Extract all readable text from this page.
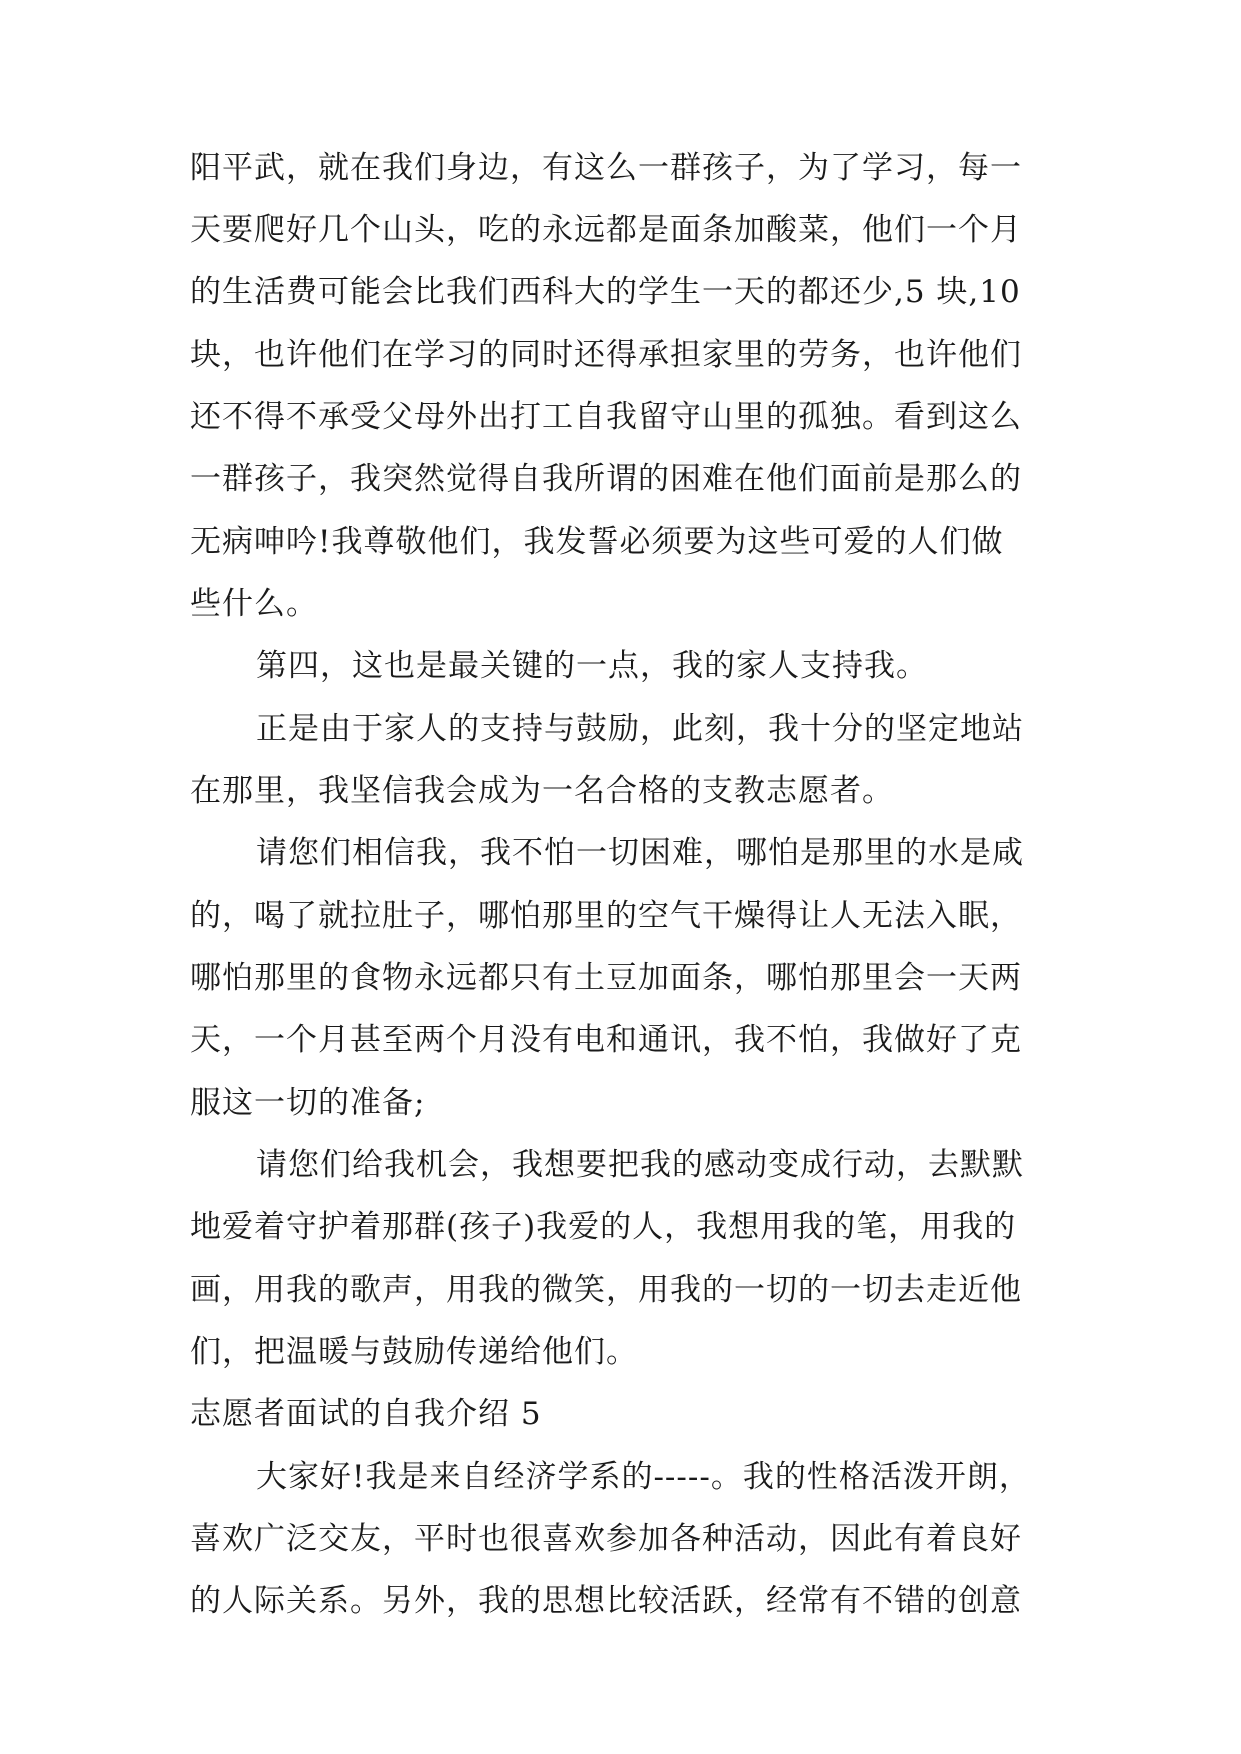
阳平武，就在我们身边，有这么一群孩子，为了学习，每一
天要爬好几个山头，吃的永远都是面条加酸菜，他们一个月
的生活费可能会比我们西科大的学生一天的都还少,5 块,10
块，也许他们在学习的同时还得承担家里的劳务，也许他们
还不得不承受父母外出打工自我留守山里的孤独。看到这么
一群孩子，我突然觉得自我所谓的困难在他们面前是那么的
无病呻吟!我尊敬他们，我发誓必须要为这些可爱的人们做
些什么。
第四，这也是最关键的一点，我的家人支持我。
正是由于家人的支持与鼓励，此刻，我十分的坚定地站
在那里，我坚信我会成为一名合格的支教志愿者。
请您们相信我，我不怕一切困难，哪怕是那里的水是咸
的，喝了就拉肚子，哪怕那里的空气干燥得让人无法入眠，
哪怕那里的食物永远都只有土豆加面条，哪怕那里会一天两
天，一个月甚至两个月没有电和通讯，我不怕，我做好了克
服这一切的准备;
请您们给我机会，我想要把我的感动变成行动，去默默
地爱着守护着那群(孩子)我爱的人，我想用我的笔，用我的
画，用我的歌声，用我的微笑，用我的一切的一切去走近他
们，把温暖与鼓励传递给他们。
志愿者面试的自我介绍 5
大家好!我是来自经济学系的-----。我的性格活泼开朗，
喜欢广泛交友，平时也很喜欢参加各种活动，因此有着良好
的人际关系。另外，我的思想比较活跃，经常有不错的创意
